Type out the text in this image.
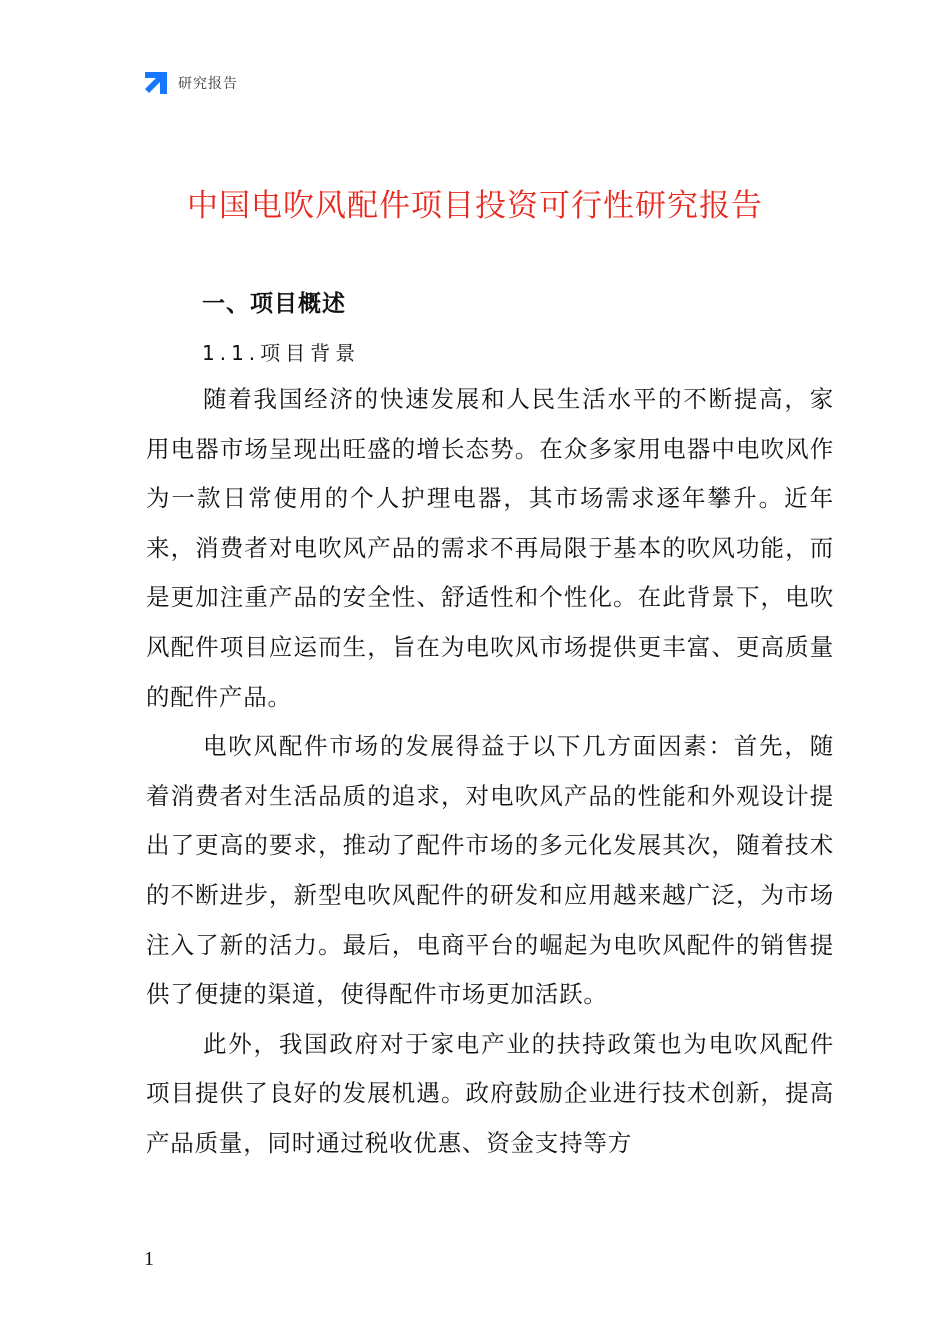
研究报告
中国电吹风配件项目投资可行性研究报告
一、项目概述
1.1.项目背景

随着我国经济的快速发展和人民生活水平的不断提高，家用电器市场呈现出旺盛的增长态势。在众多家用电器中电吹风作为一款日常使用的个人护理电器，其市场需求逐年攀升。近年来，消费者对电吹风产品的需求不再局限于基本的吹风功能，而是更加注重产品的安全性、舒适性和个性化。在此背景下，电吹风配件项目应运而生，旨在为电吹风市场提供更丰富、更高质量的配件产品。

电吹风配件市场的发展得益于以下几方面因素：首先，随着消费者对生活品质的追求，对电吹风产品的性能和外观设计提出了更高的要求，推动了配件市场的多元化发展其次，随着技术的不断进步，新型电吹风配件的研发和应用越来越广泛，为市场注入了新的活力。最后，电商平台的崛起为电吹风配件的销售提供了便捷的渠道，使得配件市场更加活跃。

此外，我国政府对于家电产业的扶持政策也为电吹风配件项目提供了良好的发展机遇。政府鼓励企业进行技术创新，提高产品质量，同时通过税收优惠、资金支持等方

1
